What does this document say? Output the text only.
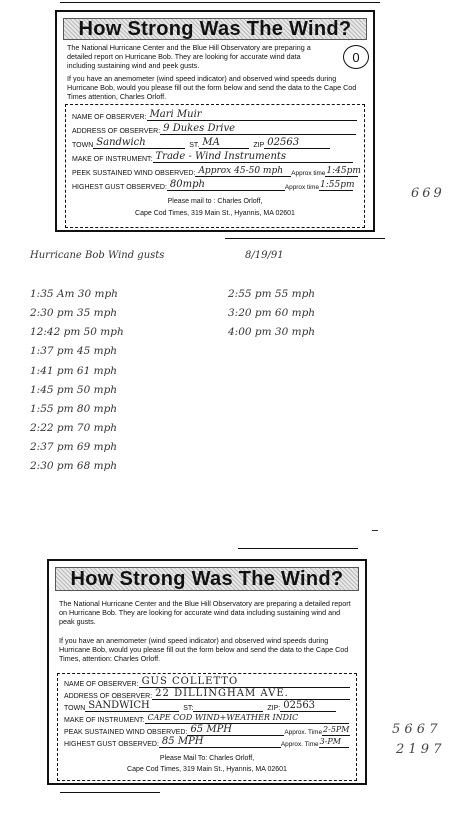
How Strong Was The Wind?
The National Hurricane Center and the Blue Hill Observatory are preparing a detailed report on Hurricane Bob. They are looking for accurate wind data including sustaining wind and peek gusts.
0
If you have an anemometer (wind speed indicator) and observed wind speeds during Hurricane Bob, would you please fill out the form below and send the data to the Cape Cod Times attention, Charles Orloff.
NAME OF OBSERVER: Mari Muir
ADDRESS OF OBSERVER: 9 Dukes Drive
TOWN Sandwich	ST. MA	ZIP 02563
MAKE OF INSTRUMENT: Trade - Wind Instruments
PEEK SUSTAINED WIND OBSERVED: Approx 45-50 mph Approx time 1:45pm
HIGHEST GUST OBSERVED: 80mph	Approx time 1:55pm
Please mail to : Charles Orloff,
Cape Cod Times, 319 Main St., Hyannis, MA 02601
669
Hurricane Bob Wind gusts	8/19/91
1:35 Am 30 mph
2:30 pm 35 mph
12:42 pm 50 mph
1:37 pm 45 mph
1:41 pm 61 mph
1:45 pm 50 mph
1:55 pm 80 mph
2:22 pm 70 mph
2:37 pm 69 mph
2:30 pm 68 mph
2:55 pm 55 mph
3:20 pm 60 mph
4:00 pm 30 mph
How Strong Was The Wind?
The National Hurricane Center and the Blue Hill Observatory are preparing a detailed report on Hurricane Bob. They are looking for accurate wind data including sustaining wind and peak gusts.
If you have an anemometer (wind speed indicator) and observed wind speeds during Hurricane Bob, would you please fill out the form below and send the data to the Cape Cod Times, attention: Charles Orloff.
NAME OF OBSERVER: GUS COLLETTO
ADDRESS OF OBSERVER: 22 DILLINGHAM AVE.
TOWN SANDWICH	ST:	ZIP: 02563
MAKE OF INSTRUMENT: CAPE COD WIND+WEATHER INDIC
PEAK SUSTAINED WIND OBSERVED: 65 MPH	Approx. Time 2-5PM
HIGHEST GUST OBSERVED: 85 MPH	Approx. Time 3-PM
Please Mail To: Charles Orloff,
Cape Cod Times, 319 Main St., Hyannis, MA 02601
5 6 6 7
2 1 9 7
